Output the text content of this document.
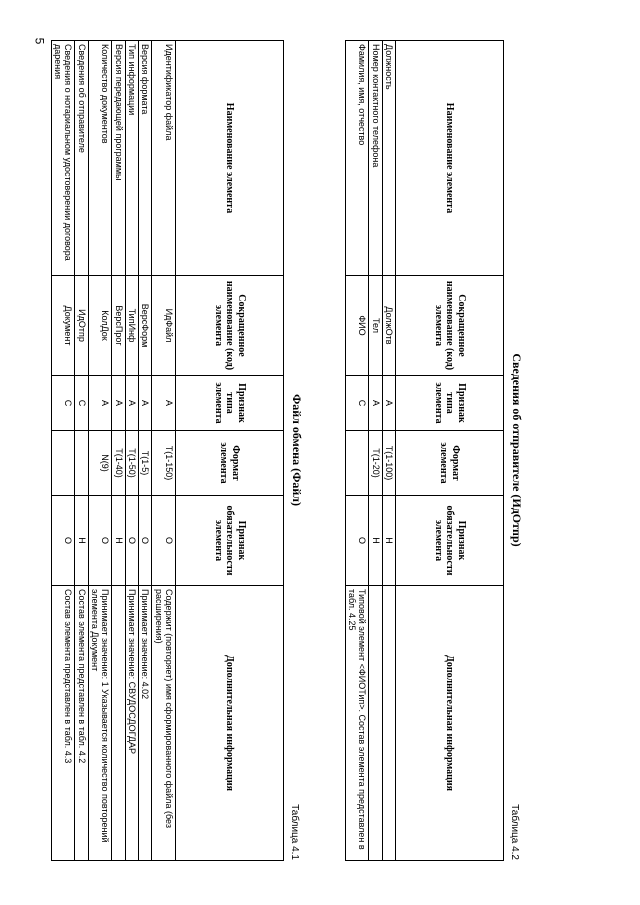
5
Таблица 4.1
Файл обмена (Файл)
Наименование элемента	Сокращенное наименование (код) элемента	Признак типа элемента	Формат элемента	Признак обязательности элемента	Дополнительная информация
Идентификатор файла	ИдФайл	А	T(1-150)	О	Содержит (повторяет) имя сформированного файла (без расширения)
Версия формата	ВерсФорм	А	T(1-5)	О	Принимает значение: 4.02
Тип информации	ТипИнф	А	T(1-50)	О	Принимает значение: СВУДОСДОГДАР
Версия передающей программы	ВерсПрог	А	T(1-40)	Н	
Количество документов	КолДок	А	N(9)	О	Принимает значение: 1 Указывается количество повторений элемента Документ
Сведения об отправителе	ИдОтпр	С		Н	Состав элемента представлен в табл. 4.2
Сведения о нотариальном удостоверении договора дарения	Документ	С		О	Состав элемента представлен в табл. 4.3
Таблица 4.2
Сведения об отправителе (ИдОтпр)
Наименование элемента	Сокращенное наименование (код) элемента	Признак типа элемента	Формат элемента	Признак обязательности элемента	Дополнительная информация
Должность	ДолжОтв	А	T(1-100)	Н	
Номер контактного телефона	Тел	А	T(1-20)	Н	
Фамилия, имя, отчество	ФИО	С		О	Типовой элемент <ФИОТип>. Состав элемента представлен в табл. 4.25
